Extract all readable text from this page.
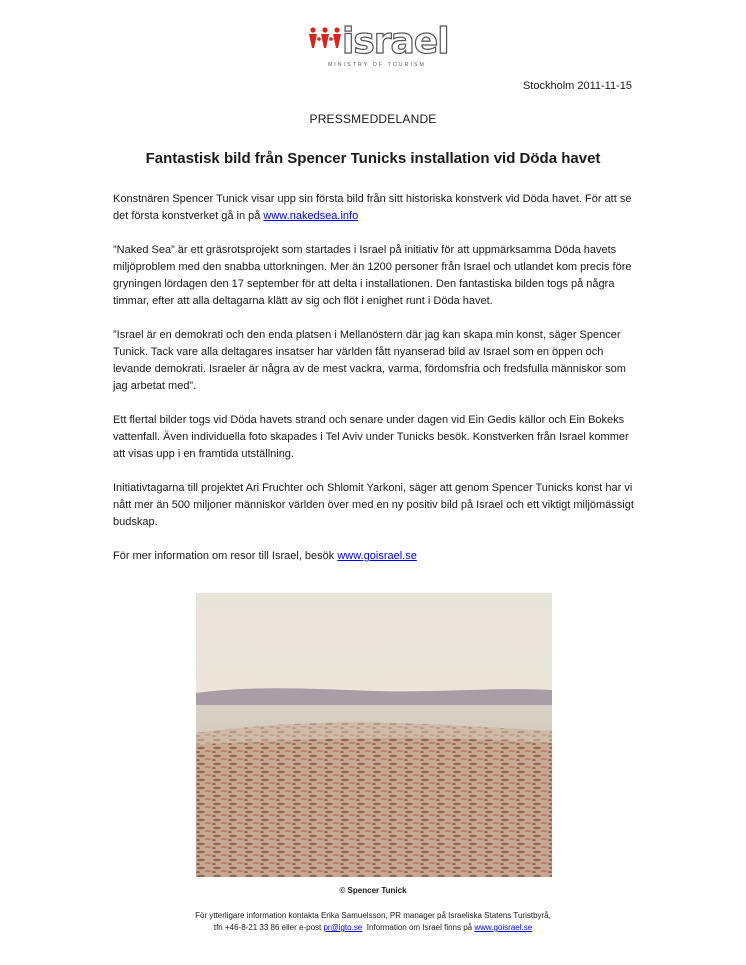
israel
MINISTRY OF TOURISM
Stockholm 2011-11-15
PRESSMEDDELANDE
Fantastisk bild från Spencer Tunicks installation vid Döda havet

Konstnären Spencer Tunick visar upp sin första bild från sitt historiska konstverk vid Döda havet. För att se det första konstverket gå in på www.nakedsea.info

”Naked Sea” är ett gräsrotsprojekt som startades i Israel på initiativ för att uppmärksamma Döda havets miljöproblem med den snabba uttorkningen. Mer än 1200 personer från Israel och utlandet kom precis före gryningen lördagen den 17 september för att delta i installationen. Den fantastiska bilden togs på några timmar, efter att alla deltagarna klätt av sig och flöt i enighet runt i Döda havet.

”Israel är en demokrati och den enda platsen i Mellanöstern där jag kan skapa min konst, säger Spencer Tunick. Tack vare alla deltagares insatser har världen fått nyanserad bild av Israel som en öppen och levande demokrati. Israeler är några av de mest vackra, varma, fördomsfria och fredsfulla människor som jag arbetat med”.

Ett flertal bilder togs vid Döda havets strand och senare under dagen vid Ein Gedis källor och Ein Bokeks vattenfall. Även individuella foto skapades i Tel Aviv under Tunicks besök. Konstverken från Israel kommer att visas upp i en framtida utställning.

Initiativtagarna till projektet Ari Fruchter och Shlomit Yarkoni, säger att genom Spencer Tunicks konst har vi nått mer än 500 miljoner människor världen över med en ny positiv bild på Israel och ett viktigt miljömässigt budskap.

För mer information om resor till Israel, besök www.goisrael.se

© Spencer Tunick
För ytterligare information kontakta Erika Samuelsson, PR manager på Israeliska Statens Turistbyrå,
tfn +46-8-21 33 86 eller e-post pr@igto.se  Information om Israel finns på www.goisrael.se
